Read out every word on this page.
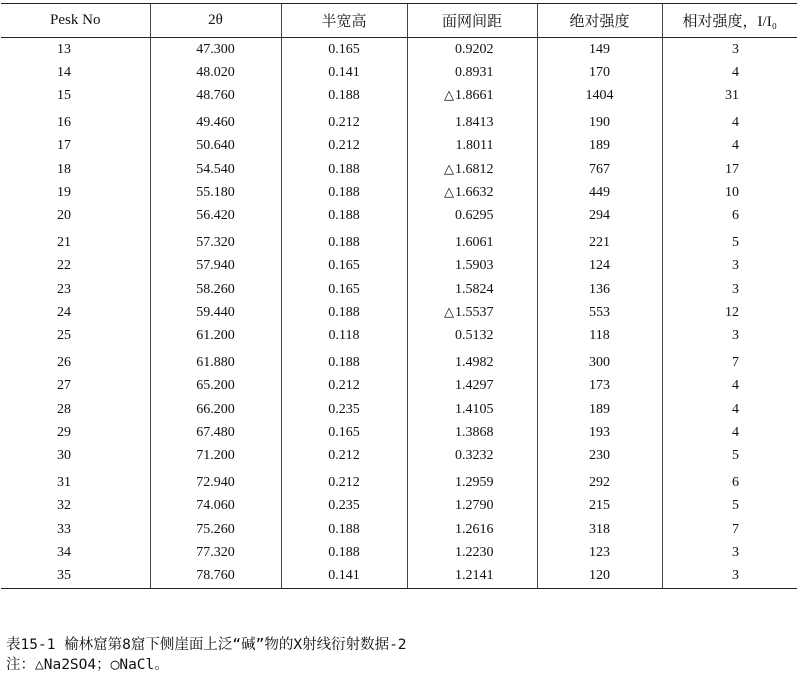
Pesk No	2θ	半宽高	面网间距	绝对强度	相对强度，I/I₀
13	47.300	0.165	0.9202	149	3
14	48.020	0.141	0.8931	170	4
15	48.760	0.188	△1.8661	1404	31
16	49.460	0.212	1.8413	190	4
17	50.640	0.212	1.8011	189	4
18	54.540	0.188	△1.6812	767	17
19	55.180	0.188	△1.6632	449	10
20	56.420	0.188	0.6295	294	6
21	57.320	0.188	1.6061	221	5
22	57.940	0.165	1.5903	124	3
23	58.260	0.165	1.5824	136	3
24	59.440	0.188	△1.5537	553	12
25	61.200	0.118	0.5132	118	3
26	61.880	0.188	1.4982	300	7
27	65.200	0.212	1.4297	173	4
28	66.200	0.235	1.4105	189	4
29	67.480	0.165	1.3868	193	4
30	71.200	0.212	0.3232	230	5
31	72.940	0.212	1.2959	292	6
32	74.060	0.235	1.2790	215	5
33	75.260	0.188	1.2616	318	7
34	77.320	0.188	1.2230	123	3
35	78.760	0.141	1.2141	120	3
表15-1 榆林窟第8窟下侧崖面上泛“碱”物的X射线衍射数据-2
注：△Na2SO4；◯NaCl。
